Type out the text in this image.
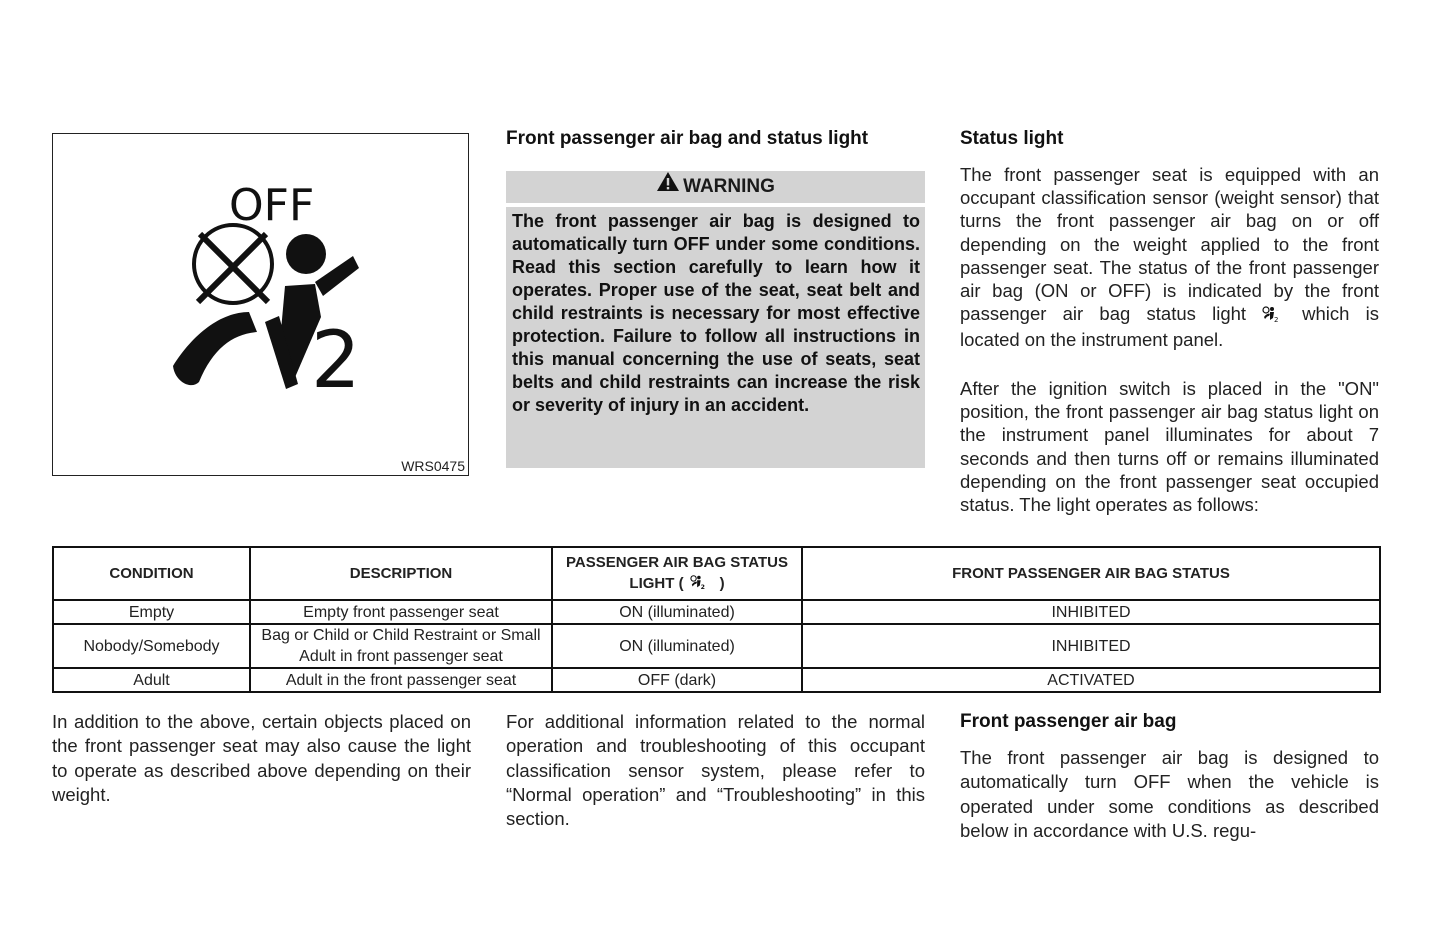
OFF
2
WRS0475
Front passenger air bag and status light
WARNING
The front passenger air bag is designed to automatically turn OFF under some conditions. Read this section carefully to learn how it operates. Proper use of the seat, seat belt and child restraints is necessary for most effective protection. Failure to follow all instructions in this manual concerning the use of seats, seat belts and child restraints can increase the risk or severity of injury in an accident.
Status light
The front passenger seat is equipped with an occupant classification sensor (weight sensor) that turns the front passenger air bag on or off depending on the weight applied to the front passenger seat. The status of the front passenger air bag (ON or OFF) is indicated by the front passenger air bag status light	2 which is located on the instrument panel.
After the ignition switch is placed in the "ON" position, the front passenger air bag status light on the instrument panel illuminates for about 7 seconds and then turns off or remains illuminated depending on the front passenger seat occupied status. The light operates as follows:
CONDITION	DESCRIPTION	PASSENGER AIR BAG STATUS LIGHT ( 2 )	FRONT PASSENGER AIR BAG STATUS
Empty	Empty front passenger seat	ON (illuminated)	INHIBITED
Nobody/Somebody	Bag or Child or Child Restraint or Small Adult in front passenger seat	ON (illuminated)	INHIBITED
Adult	Adult in the front passenger seat	OFF (dark)	ACTIVATED
In addition to the above, certain objects placed on the front passenger seat may also cause the light to operate as described above depending on their weight.
For additional information related to the normal operation and troubleshooting of this occupant classification sensor system, please refer to “Normal operation” and “Troubleshooting” in this section.
Front passenger air bag
The front passenger air bag is designed to automatically turn OFF when the vehicle is operated under some conditions as described below in accordance with U.S. regu-
